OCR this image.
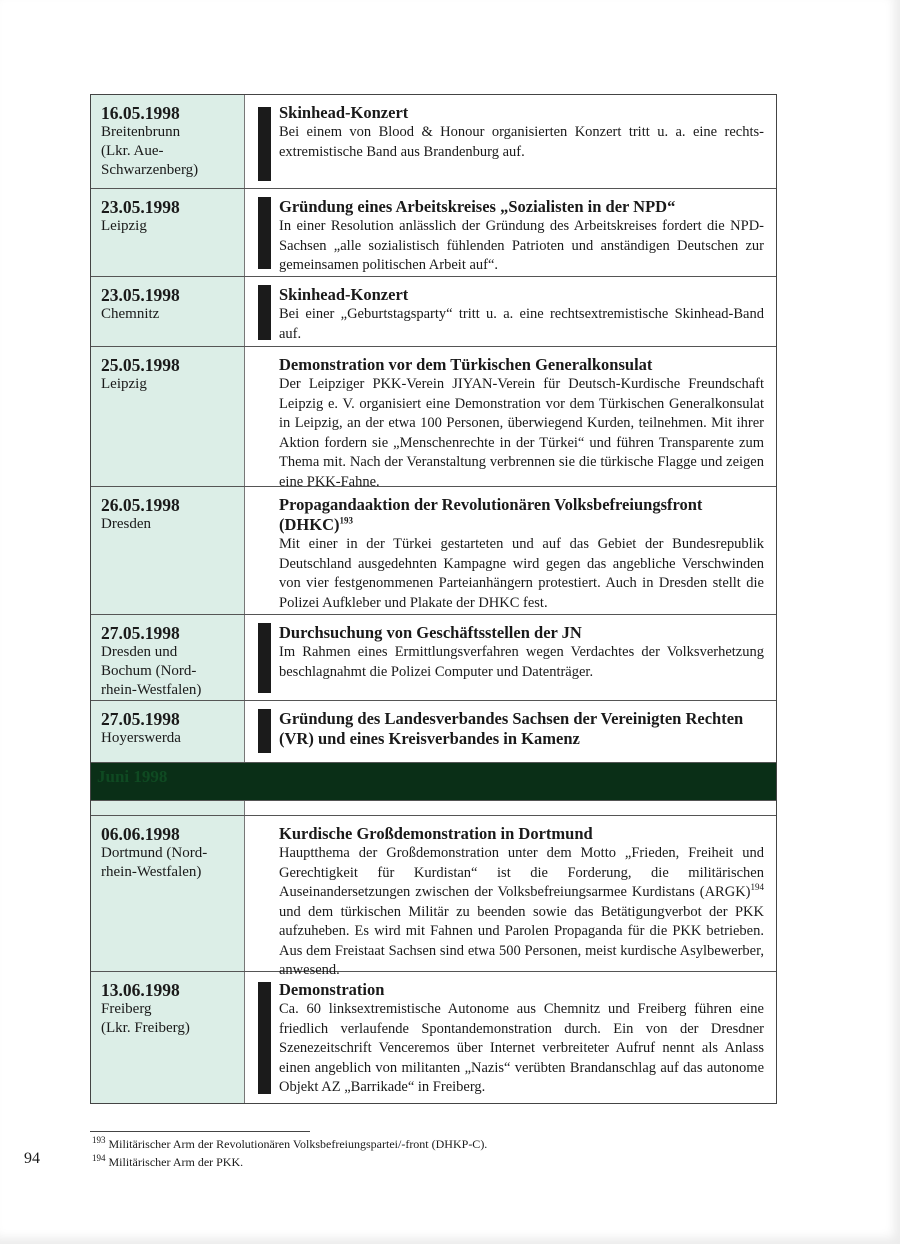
16.05.1998
Breitenbrunn
(Lkr. Aue-
Schwarzenberg)
Skinhead-Konzert
Bei einem von Blood & Honour organisierten Konzert tritt u. a. eine rechts-extremistische Band aus Brandenburg auf.
23.05.1998
Leipzig
Gründung eines Arbeitskreises „Sozialisten in der NPD“
In einer Resolution anlässlich der Gründung des Arbeitskreises fordert die NPD-Sachsen „alle sozialistisch fühlenden Patrioten und anständigen Deutschen zur gemeinsamen politischen Arbeit auf“.
23.05.1998
Chemnitz
Skinhead-Konzert
Bei einer „Geburtstagsparty“ tritt u. a. eine rechtsextremistische Skinhead-Band auf.
25.05.1998
Leipzig
Demonstration vor dem Türkischen Generalkonsulat
Der Leipziger PKK-Verein JIYAN-Verein für Deutsch-Kurdische Freundschaft Leipzig e. V. organisiert eine Demonstration vor dem Türkischen Generalkonsulat in Leipzig, an der etwa 100 Personen, überwiegend Kurden, teilnehmen. Mit ihrer Aktion fordern sie „Menschenrechte in der Türkei“ und führen Transparente zum Thema mit. Nach der Veranstaltung verbrennen sie die türkische Flagge und zeigen eine PKK-Fahne.
26.05.1998
Dresden
Propagandaaktion der Revolutionären Volksbefreiungsfront (DHKC)$^{193}$
Mit einer in der Türkei gestarteten und auf das Gebiet der Bundesrepublik Deutschland ausgedehnten Kampagne wird gegen das angebliche Verschwinden von vier festgenommenen Parteianhängern protestiert. Auch in Dresden stellt die Polizei Aufkleber und Plakate der DHKC fest.
27.05.1998
Dresden und
Bochum (Nord-
rhein-Westfalen)
Durchsuchung von Geschäftsstellen der JN
Im Rahmen eines Ermittlungsverfahren wegen Verdachtes der Volksverhetzung beschlagnahmt die Polizei Computer und Datenträger.
27.05.1998
Hoyerswerda
Gründung des Landesverbandes Sachsen der Vereinigten Rechten (VR) und eines Kreisverbandes in Kamenz
Juni 1998
06.06.1998
Dortmund (Nord-
rhein-Westfalen)
Kurdische Großdemonstration in Dortmund
Hauptthema der Großdemonstration unter dem Motto „Frieden, Freiheit und Gerechtigkeit für Kurdistan“ ist die Forderung, die militärischen Auseinandersetzungen zwischen der Volksbefreiungsarmee Kurdistans (ARGK)$^{194}$ und dem türkischen Militär zu beenden sowie das Betätigungverbot der PKK aufzuheben. Es wird mit Fahnen und Parolen Propaganda für die PKK betrieben. Aus dem Freistaat Sachsen sind etwa 500 Personen, meist kurdische Asylbewerber, anwesend.
13.06.1998
Freiberg
(Lkr. Freiberg)
Demonstration
Ca. 60 linksextremistische Autonome aus Chemnitz und Freiberg führen eine friedlich verlaufende Spontandemonstration durch. Ein von der Dresdner Szenezeitschrift Venceremos über Internet verbreiteter Aufruf nennt als Anlass einen angeblich von militanten „Nazis“ verübten Brandanschlag auf das autonome Objekt AZ „Barrikade“ in Freiberg.
$^{193}$ Militärischer Arm der Revolutionären Volksbefreiungspartei/-front (DHKP-C).
$^{194}$ Militärischer Arm der PKK.
94
